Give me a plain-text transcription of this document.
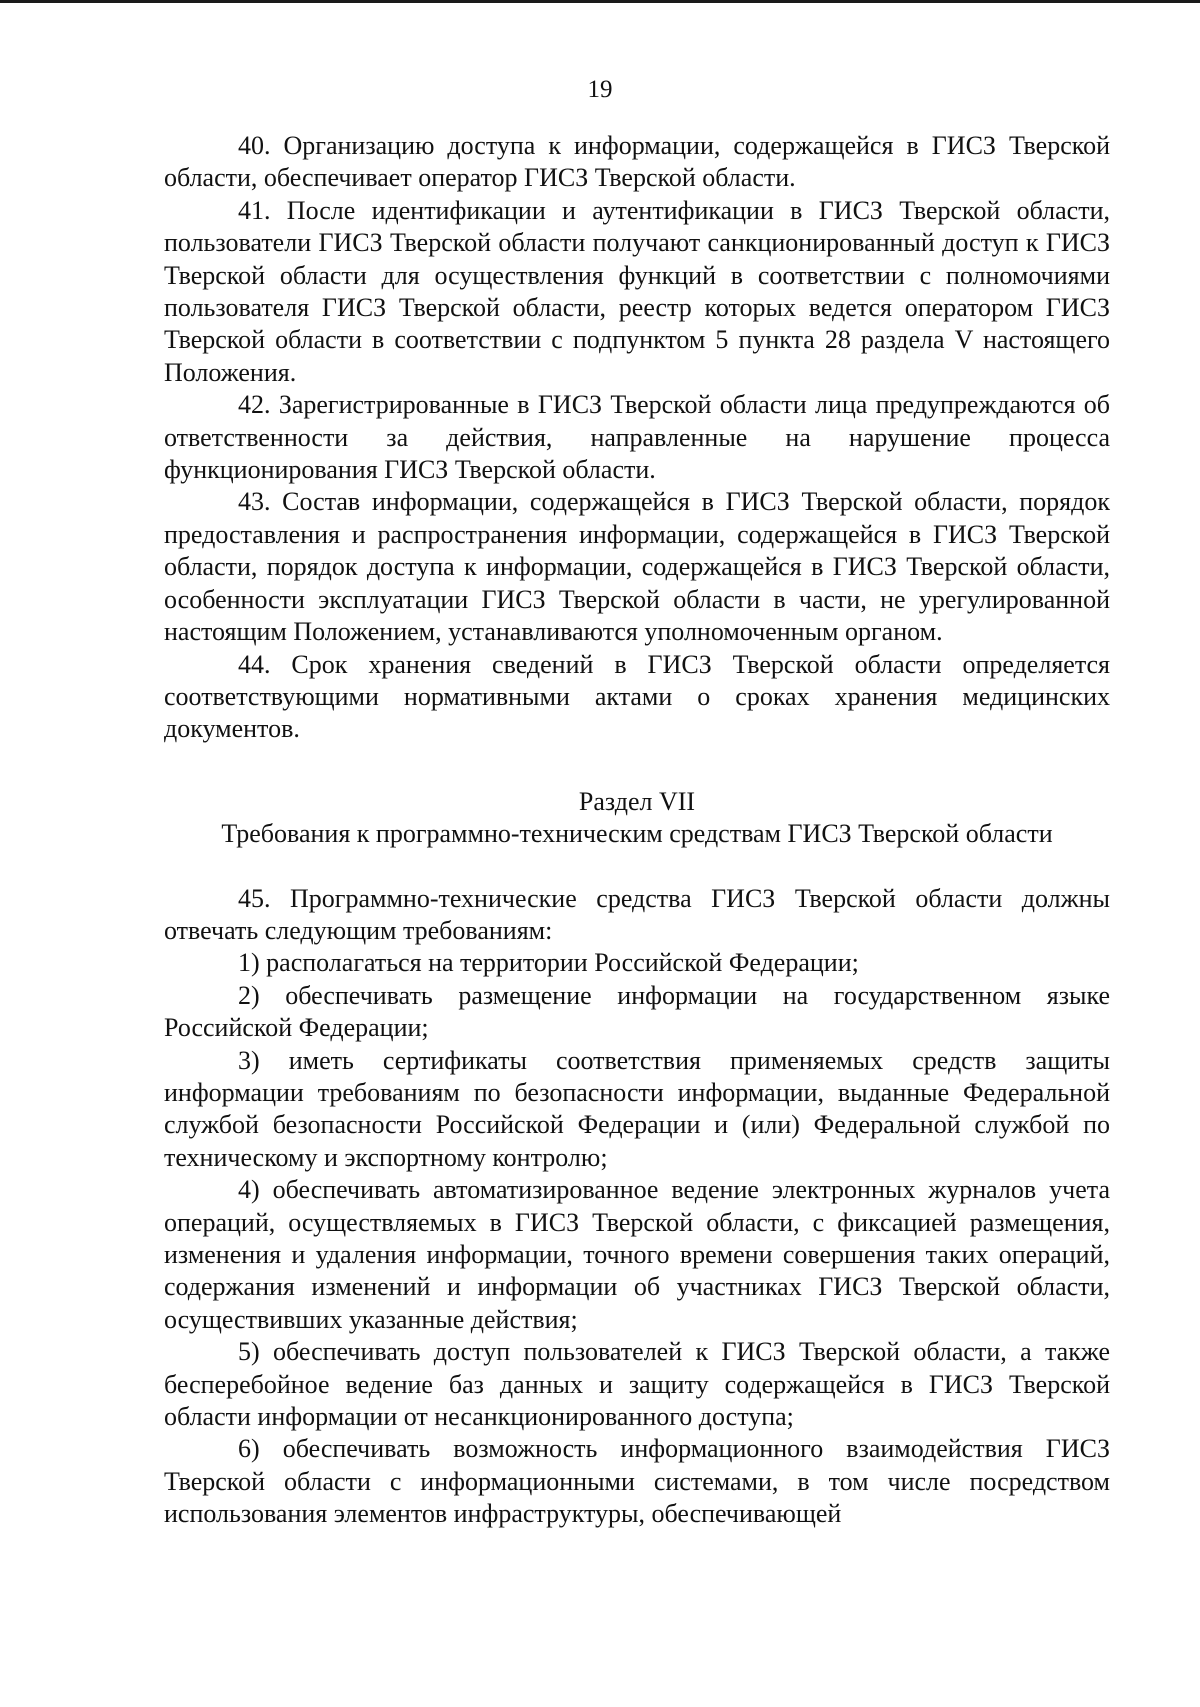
19

40. Организацию доступа к информации, содержащейся в ГИСЗ Тверской области, обеспечивает оператор ГИСЗ Тверской области.

41. После идентификации и аутентификации в ГИСЗ Тверской области, пользователи ГИСЗ Тверской области получают санкционированный доступ к ГИСЗ Тверской области для осуществления функций в соответствии с полномочиями пользователя ГИСЗ Тверской области, реестр которых ведется оператором ГИСЗ Тверской области в соответствии с подпунктом 5 пункта 28 раздела V настоящего Положения.

42. Зарегистрированные в ГИСЗ Тверской области лица предупреждаются об ответственности за действия, направленные на нарушение процесса функционирования ГИСЗ Тверской области.

43. Состав информации, содержащейся в ГИСЗ Тверской области, порядок предоставления и распространения информации, содержащейся в ГИСЗ Тверской области, порядок доступа к информации, содержащейся в ГИСЗ Тверской области, особенности эксплуатации ГИСЗ Тверской области в части, не урегулированной настоящим Положением, устанавливаются уполномоченным органом.

44. Срок хранения сведений в ГИСЗ Тверской области определяется соответствующими нормативными актами о сроках хранения медицинских документов.

Раздел VII

Требования к программно-техническим средствам ГИСЗ Тверской области

45. Программно-технические средства ГИСЗ Тверской области должны отвечать следующим требованиям:

1) располагаться на территории Российской Федерации;

2) обеспечивать размещение информации на государственном языке Российской Федерации;

3) иметь сертификаты соответствия применяемых средств защиты информации требованиям по безопасности информации, выданные Федеральной службой безопасности Российской Федерации и (или) Федеральной службой по техническому и экспортному контролю;

4) обеспечивать автоматизированное ведение электронных журналов учета операций, осуществляемых в ГИСЗ Тверской области, с фиксацией размещения, изменения и удаления информации, точного времени совершения таких операций, содержания изменений и информации об участниках ГИСЗ Тверской области, осуществивших указанные действия;

5) обеспечивать доступ пользователей к ГИСЗ Тверской области, а также бесперебойное ведение баз данных и защиту содержащейся в ГИСЗ Тверской области информации от несанкционированного доступа;

6) обеспечивать возможность информационного взаимодействия ГИСЗ Тверской области с информационными системами, в том числе посредством использования элементов инфраструктуры, обеспечивающей
